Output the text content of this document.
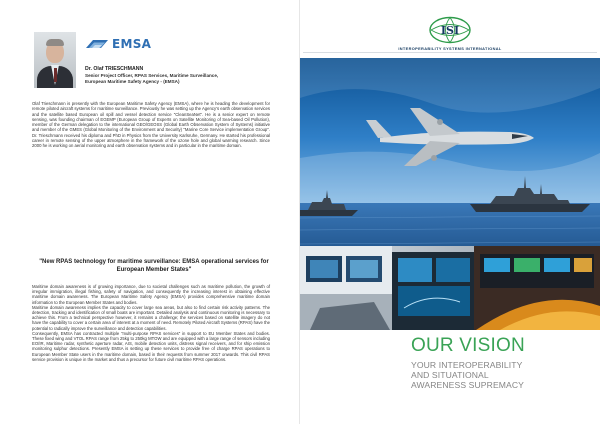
EMSA
Dr. Olaf TRIESCHMANN
Senior Project Officer, RPAS Services, Maritime Surveillance,
European Maritime Safety Agency - (EMSA)

Olaf Trieschmann is presently with the European Maritime Safety Agency (EMSA), where he is heading the development for remote piloted aircraft systems for maritime surveillance. Previously he was setting up the Agency's earth observation services and the satellite based European oil spill and vessel detection service "CleanSeaNet". He is a senior expert on remote sensing, was founding chairman of EGEMP (European Group of Experts on Satellite Monitoring of Sea-based Oil Pollution), member of the German delegation to the international GEO/GEOSS (Global Earth Observation System of Systems) initiative and member of the GMES (Global Monitoring of the Environment and Security) "Marine Core Service implementation Group". Dr. Trieschmann received his diploma and PhD in Physics from the University Karlsruhe, Germany. He started his professional career in remote sensing of the upper atmosphere in the framework of the ozone hole and global warming research. Since 2000 he is working on aerial monitoring and earth observation systems and in particular in the maritime domain.

"New RPAS technology for maritime surveillance: EMSA operational services for European Member States"

Maritime domain awareness is of growing importance, due to societal challenges such as maritime pollution, the growth of irregular immigration, illegal fishing, safety of navigation, and consequently the increasing interest in obtaining effective maritime domain awareness. The European Maritime Safety Agency (EMSA) provides comprehensive maritime domain information to the European Member States and bodies.

Maritime domain awareness implies the capacity to cover large sea areas, but also to find certain risk activity patterns. The detection, tracking and identification of small boats are important. Detailed analysis and continuous monitoring is necessary to achieve this. From a technical perspective however, it remains a challenge; the services based on satellite imagery do not have the capability to cover a certain area of interest at a moment of need. Remotely Piloted Aircraft Systems (RPAS) have the potential to radically improve the surveillance and detection capabilities.

Consequently, EMSA has contracted multiple "multi-purpose RPAS services" in support to EU Member States and bodies. These fixed wing and VTOL RPAS range from 25kg to 250kg MTOW and are equipped with a large range of sensors including EO/IR, Maritime radar, synthetic aperture radar, AIS, mobile detection units, distress signal receivers, and for ship emission monitoring sulphur detections. Presently EMSA is setting up these services to provide free of charge RPAS operations to European Member State users in the maritime domain, based in their requests from summer 2017 onwards. This civil RPAS service provision is unique in the market and thus a precursor for future civil maritime RPAS operations.

ISI
INTEROPERABILITY SYSTEMS INTERNATIONAL
OUR VISION
YOUR INTEROPERABILITY
AND SITUATIONAL
AWARENESS SUPREMACY
